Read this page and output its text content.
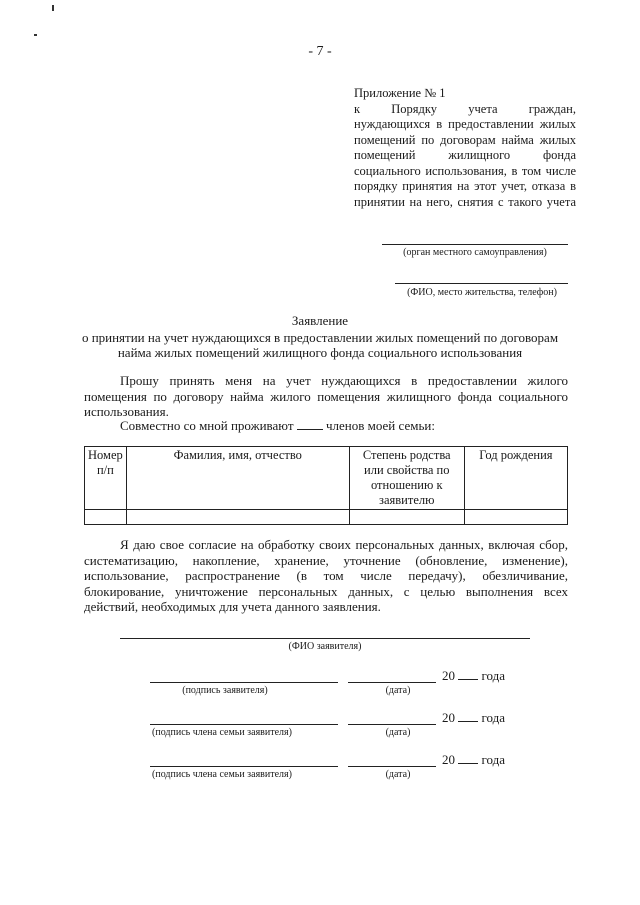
- 7 -
Приложение № 1
к Порядку учета граждан,
нуждающихся в предоставлении жилых
помещений по договорам найма жилых
помещений жилищного фонда
социального использования, в том числе
порядку принятия на этот учет, отказа в
принятии на него, снятия с такого учета
(орган местного самоуправления)
(ФИО, место жительства, телефон)
Заявление
о принятии на учет нуждающихся в предоставлении жилых помещений по договорам
найма жилых помещений жилищного фонда социального использования
Прошу принять меня на учет нуждающихся в предоставлении жилого помещения по договору найма жилого помещения жилищного фонда социального использования.
Совместно со мной проживают	членов моей семьи:
Номер п/п	Фамилия, имя, отчество	Степень родства или свойства по отношению к заявителю	Год рождения

Я даю свое согласие на обработку своих персональных данных, включая сбор, систематизацию, накопление, хранение, уточнение (обновление, изменение), использование, распространение (в том числе передачу), обезличивание, блокирование, уничтожение персональных данных, с целью выполнения всех действий, необходимых для учета данного заявления.
(ФИО заявителя)
20 года
(подпись заявителя)	(дата)
20 года
(подпись члена семьи заявителя)	(дата)
20 года
(подпись члена семьи заявителя)	(дата)
